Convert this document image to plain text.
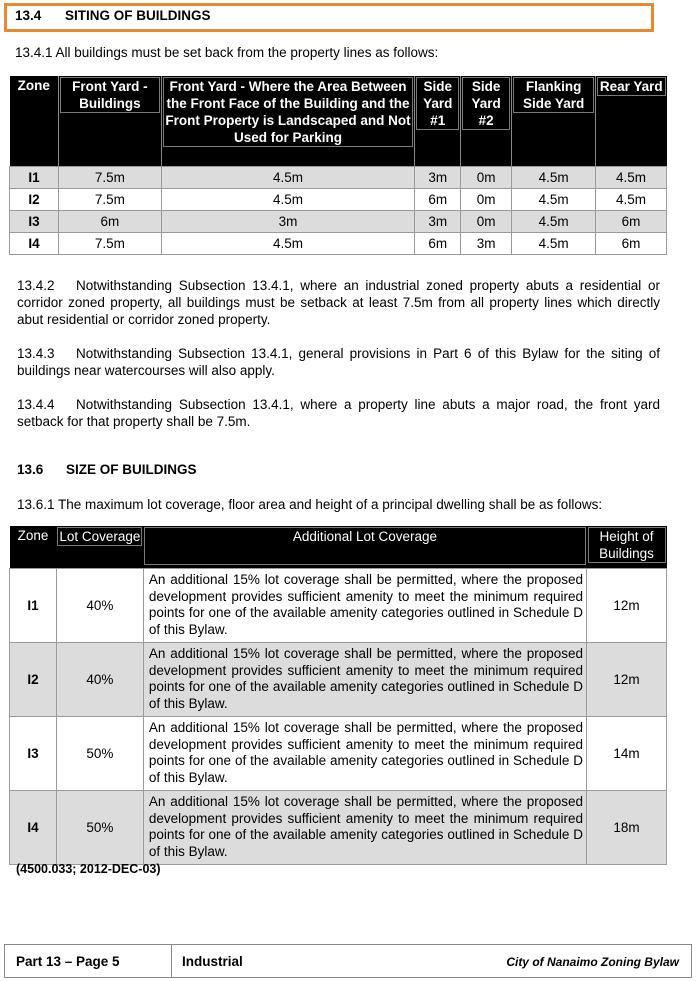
13.4 SITING OF BUILDINGS
13.4.1 All buildings must be set back from the property lines as follows:
Zone	Front Yard - Buildings	Front Yard - Where the Area Between the Front Face of the Building and the Front Property is Landscaped and Not Used for Parking	Side Yard #1	Side Yard #2	Flanking Side Yard	Rear Yard

I1	7.5m	4.5m	3m	0m	4.5m	4.5m
I2	7.5m	4.5m	6m	0m	4.5m	4.5m
I3	6m	3m	3m	0m	4.5m	6m
I4	7.5m	4.5m	6m	3m	4.5m	6m
13.4.2	Notwithstanding Subsection 13.4.1, where an industrial zoned property abuts a residential or corridor zoned property, all buildings must be setback at least 7.5m from all property lines which directly abut residential or corridor zoned property.
13.4.3	Notwithstanding Subsection 13.4.1, general provisions in Part 6 of this Bylaw for the siting of buildings near watercourses will also apply.
13.4.4	Notwithstanding Subsection 13.4.1, where a property line abuts a major road, the front yard setback for that property shall be 7.5m.
13.6 SIZE OF BUILDINGS
13.6.1 The maximum lot coverage, floor area and height of a principal dwelling shall be as follows:
Zone	Lot Coverage	Additional Lot Coverage	Height of Buildings

I1	40%	An additional 15% lot coverage shall be permitted, where the proposed development provides sufficient amenity to meet the minimum required points for one of the available amenity categories outlined in Schedule D of this Bylaw.	12m
I2	40%	An additional 15% lot coverage shall be permitted, where the proposed development provides sufficient amenity to meet the minimum required points for one of the available amenity categories outlined in Schedule D of this Bylaw.	12m
I3	50%	An additional 15% lot coverage shall be permitted, where the proposed development provides sufficient amenity to meet the minimum required points for one of the available amenity categories outlined in Schedule D of this Bylaw.	14m
I4	50%	An additional 15% lot coverage shall be permitted, where the proposed development provides sufficient amenity to meet the minimum required points for one of the available amenity categories outlined in Schedule D of this Bylaw.	18m
(4500.033; 2012-DEC-03)
Part 13 – Page 5	Industrial	City of Nanaimo Zoning Bylaw
